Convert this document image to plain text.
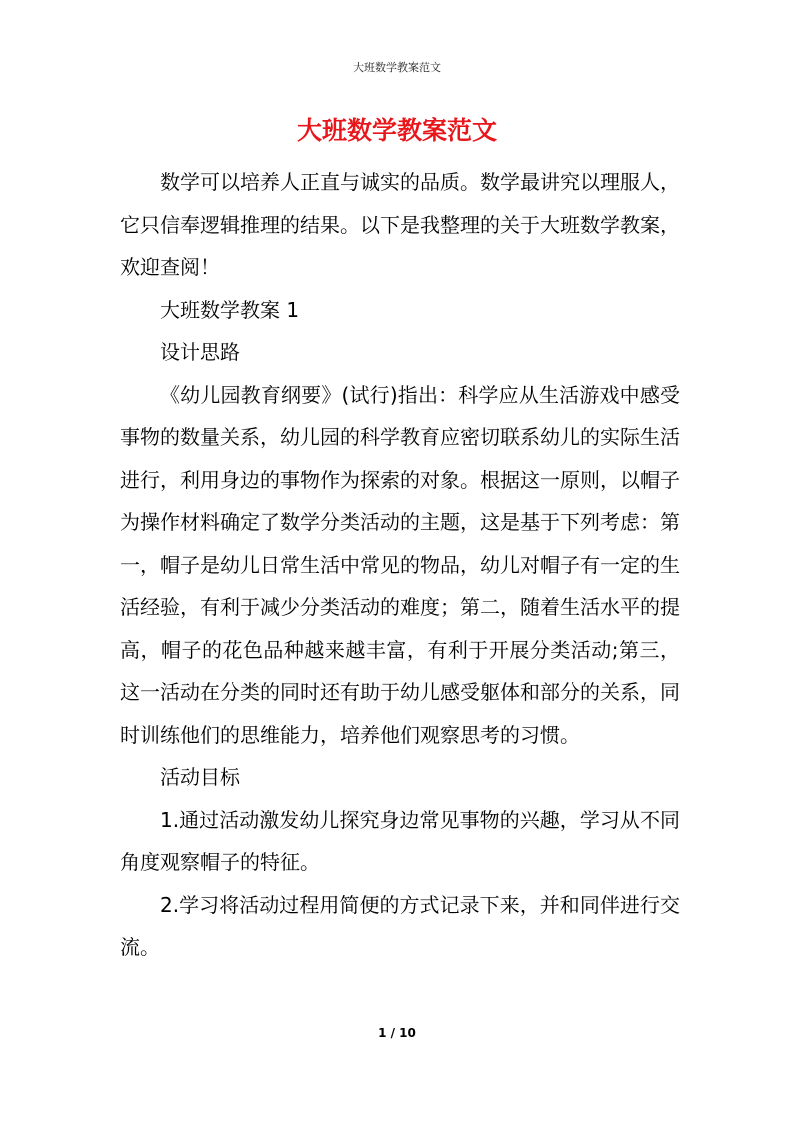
大班数学教案范文
大班数学教案范文

数学可以培养人正直与诚实的品质。数学最讲究以理服人，它只信奉逻辑推理的结果。以下是我整理的关于大班数学教案，欢迎查阅！

大班数学教案 1

设计思路

《幼儿园教育纲要》(试行)指出：科学应从生活游戏中感受事物的数量关系，幼儿园的科学教育应密切联系幼儿的实际生活进行，利用身边的事物作为探索的对象。根据这一原则，以帽子为操作材料确定了数学分类活动的主题，这是基于下列考虑：第一，帽子是幼儿日常生活中常见的物品，幼儿对帽子有一定的生活经验，有利于减少分类活动的难度；第二，随着生活水平的提高，帽子的花色品种越来越丰富，有利于开展分类活动;第三，这一活动在分类的同时还有助于幼儿感受躯体和部分的关系，同时训练他们的思维能力，培养他们观察思考的习惯。

活动目标

1.通过活动激发幼儿探究身边常见事物的兴趣，学习从不同角度观察帽子的特征。

2.学习将活动过程用简便的方式记录下来，并和同伴进行交流。

1 / 10
